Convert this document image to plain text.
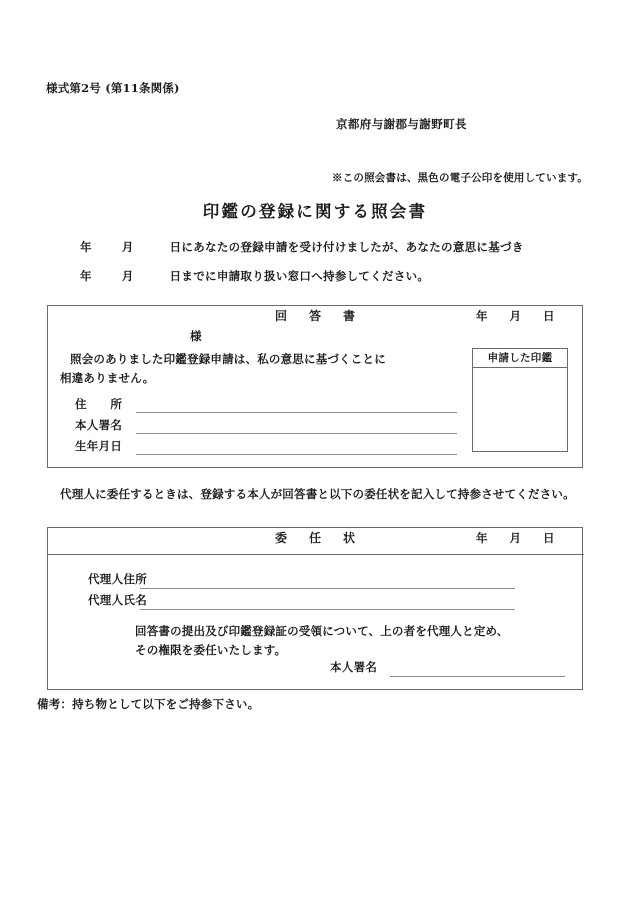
様式第2号 (第11条関係)
京都府与謝郡与謝野町長
※この照会書は、黒色の電子公印を使用しています。
印鑑の登録に関する照会書
年	月	日にあなたの登録申請を受け付けましたが、あなたの意思に基づき
年	月	日までに申請取り扱い窓口へ持参してください。
回　答　書	年 月 日
様
照会のありました印鑑登録申請は、私の意思に基づくことに
相違ありません。
住　　所
本人署名
生年月日
申請した印鑑
代理人に委任するときは、登録する本人が回答書と以下の委任状を記入して持参させてください。
委　任　状	年 月 日
代理人住所
代理人氏名
回答書の提出及び印鑑登録証の受領について、上の者を代理人と定め、
その権限を委任いたします。
本人署名
備考：持ち物として以下をご持参下さい。
